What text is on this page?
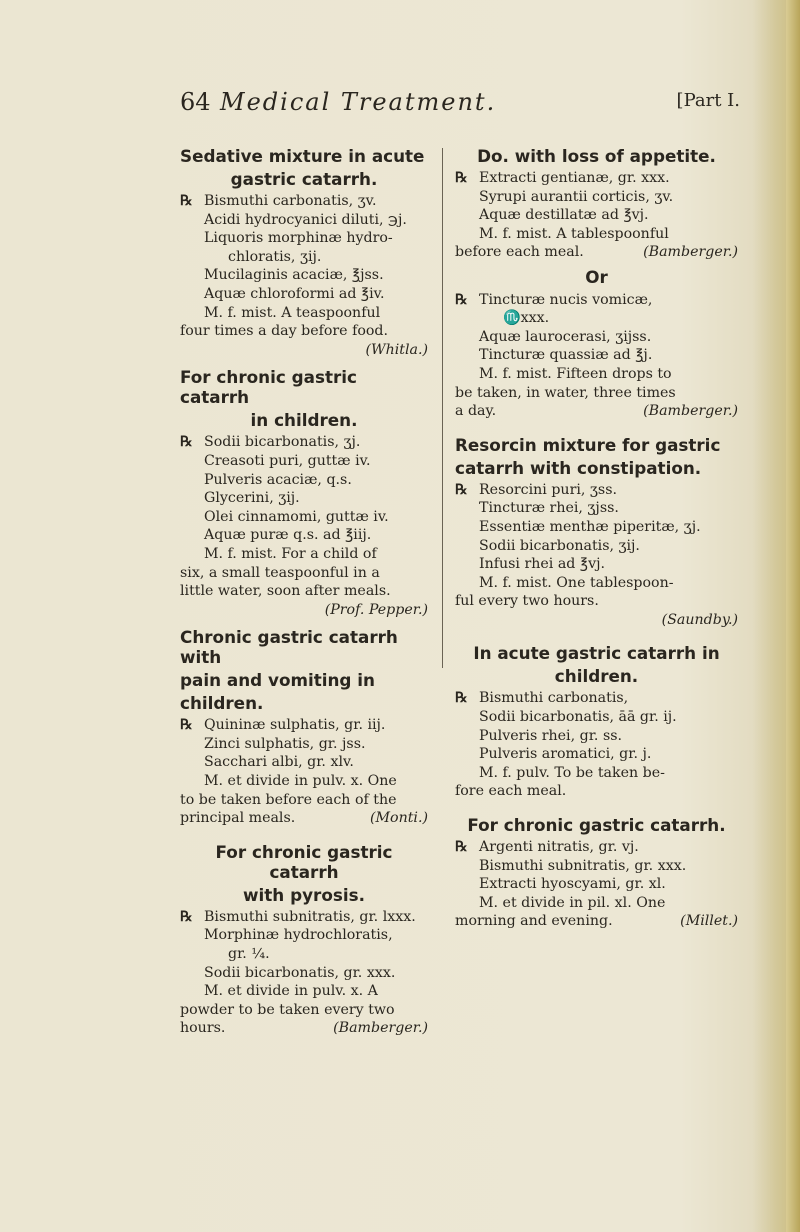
64 Medical Treatment.	[Part I.
Sedative mixture in acute
gastric catarrh.
℞ Bismuthi carbonatis, ʒv.
Acidi hydrocyanici diluti, ℈j.
Liquoris morphinæ hydro-
chloratis, ʒij.
Mucilaginis acaciæ, ℥jss.
Aquæ chloroformi ad ℥iv.
M. f. mist. A teaspoonful
four times a day before food.
(Whitla.)
For chronic gastric catarrh
in children.
℞ Sodii bicarbonatis, ʒj.
Creasoti puri, guttæ iv.
Pulveris acaciæ, q.s.
Glycerini, ʒij.
Olei cinnamomi, guttæ iv.
Aquæ puræ q.s. ad ℥iij.
M. f. mist. For a child of
six, a small teaspoonful in a
little water, soon after meals.
(Prof. Pepper.)
Chronic gastric catarrh with
pain and vomiting in
children.
℞ Quininæ sulphatis, gr. iij.
Zinci sulphatis, gr. jss.
Sacchari albi, gr. xlv.
M. et divide in pulv. x. One
to be taken before each of the
principal meals.	(Monti.)
For chronic gastric catarrh
with pyrosis.
℞ Bismuthi subnitratis, gr. lxxx.
Morphinæ hydrochloratis,
gr. ¼.
Sodii bicarbonatis, gr. xxx.
M. et divide in pulv. x. A
powder to be taken every two
hours.	(Bamberger.)
Do. with loss of appetite.
℞ Extracti gentianæ, gr. xxx.
Syrupi aurantii corticis, ʒv.
Aquæ destillatæ ad ℥vj.
M. f. mist. A tablespoonful
before each meal.	(Bamberger.)
Or
℞ Tincturæ nucis vomicæ,
♏xxx.
Aquæ laurocerasi, ʒijss.
Tincturæ quassiæ ad ℥j.
M. f. mist. Fifteen drops to
be taken, in water, three times
a day.	(Bamberger.)
Resorcin mixture for gastric
catarrh with constipation.
℞ Resorcini puri, ʒss.
Tincturæ rhei, ʒjss.
Essentiæ menthæ piperitæ, ʒj.
Sodii bicarbonatis, ʒij.
Infusi rhei ad ℥vj.
M. f. mist. One tablespoon-
ful every two hours.
(Saundby.)
In acute gastric catarrh in
children.
℞ Bismuthi carbonatis,
Sodii bicarbonatis, āā gr. ij.
Pulveris rhei, gr. ss.
Pulveris aromatici, gr. j.
M. f. pulv. To be taken be-
fore each meal.
For chronic gastric catarrh.
℞ Argenti nitratis, gr. vj.
Bismuthi subnitratis, gr. xxx.
Extracti hyoscyami, gr. xl.
M. et divide in pil. xl. One
morning and evening.	(Millet.)
